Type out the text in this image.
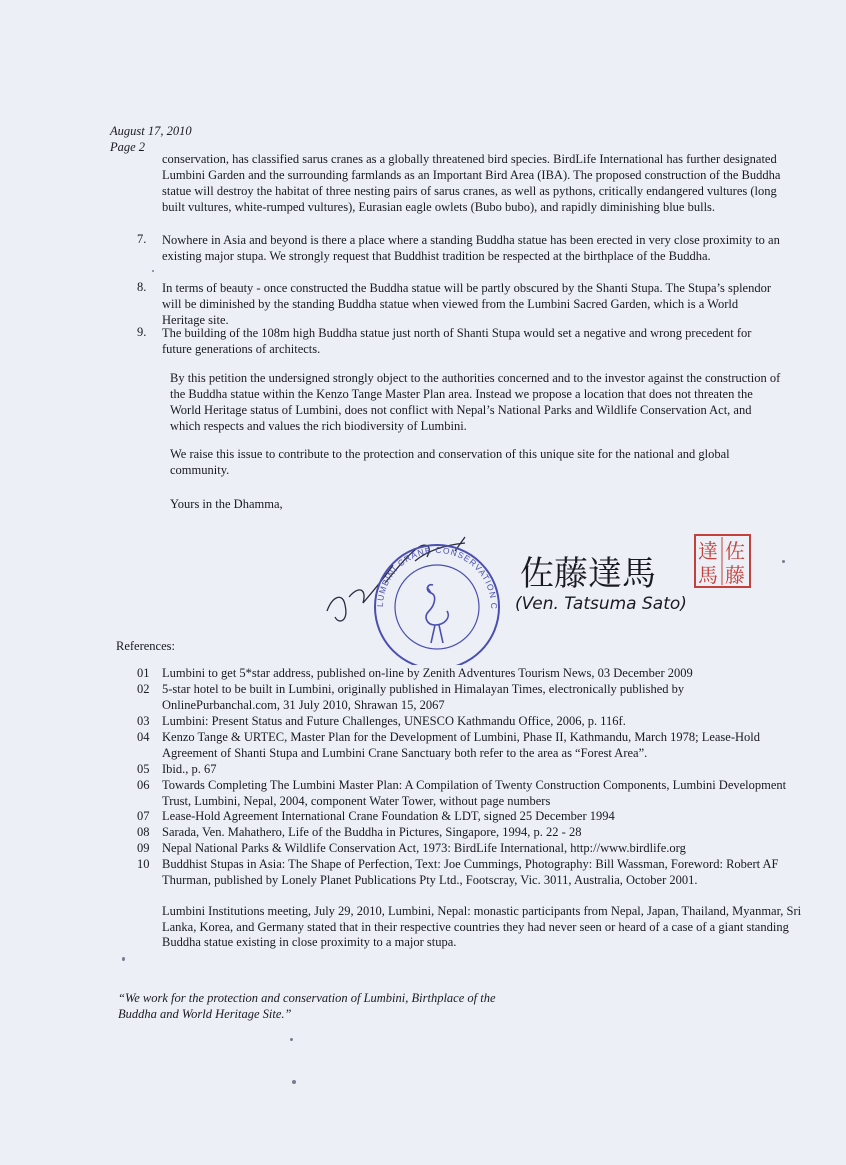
August 17, 2010
Page 2
conservation, has classified sarus cranes as a globally threatened bird species. BirdLife International has further designated Lumbini Garden and the surrounding farmlands as an Important Bird Area (IBA). The proposed construction of the Buddha statue will destroy the habitat of three nesting pairs of sarus cranes, as well as pythons, critically endangered vultures (long built vultures, white-rumped vultures), Eurasian eagle owlets (Bubo bubo), and rapidly diminishing blue bulls.
7. Nowhere in Asia and beyond is there a place where a standing Buddha statue has been erected in very close proximity to an existing major stupa. We strongly request that Buddhist tradition be respected at the birthplace of the Buddha.
8. In terms of beauty - once constructed the Buddha statue will be partly obscured by the Shanti Stupa. The Stupa’s splendor will be diminished by the standing Buddha statue when viewed from the Lumbini Sacred Garden, which is a World Heritage site.
9. The building of the 108m high Buddha statue just north of Shanti Stupa would set a negative and wrong precedent for future generations of architects.
By this petition the undersigned strongly object to the authorities concerned and to the investor against the construction of the Buddha statue within the Kenzo Tange Master Plan area. Instead we propose a location that does not threaten the World Heritage status of Lumbini, does not conflict with Nepal’s National Parks and Wildlife Conservation Act, and which respects and values the rich biodiversity of Lumbini.
We raise this issue to contribute to the protection and conservation of this unique site for the national and global community.
Yours in the Dhamma,
LUMBINI CRANE CONSERVATION C
佐藤達馬
(Ven. Tatsuma Sato)
達 佐
馬 藤
References:
01 Lumbini to get 5*star address, published on-line by Zenith Adventures Tourism News, 03 December 2009
02 5-star hotel to be built in Lumbini, originally published in Himalayan Times, electronically published by OnlinePurbanchal.com, 31 July 2010, Shrawan 15, 2067
03 Lumbini: Present Status and Future Challenges, UNESCO Kathmandu Office, 2006, p. 116f.
04 Kenzo Tange & URTEC, Master Plan for the Development of Lumbini, Phase II, Kathmandu, March 1978; Lease-Hold Agreement of Shanti Stupa and Lumbini Crane Sanctuary both refer to the area as “Forest Area”.
05 Ibid., p. 67
06 Towards Completing The Lumbini Master Plan: A Compilation of Twenty Construction Components, Lumbini Development Trust, Lumbini, Nepal, 2004, component Water Tower, without page numbers
07 Lease-Hold Agreement International Crane Foundation & LDT, signed 25 December 1994
08 Sarada, Ven. Mahathero, Life of the Buddha in Pictures, Singapore, 1994, p. 22 - 28
09 Nepal National Parks & Wildlife Conservation Act, 1973: BirdLife International, http://www.birdlife.org
10 Buddhist Stupas in Asia: The Shape of Perfection, Text: Joe Cummings, Photography: Bill Wassman, Foreword: Robert AF Thurman, published by Lonely Planet Publications Pty Ltd., Footscray, Vic. 3011, Australia, October 2001.
Lumbini Institutions meeting, July 29, 2010, Lumbini, Nepal: monastic participants from Nepal, Japan, Thailand, Myanmar, Sri Lanka, Korea, and Germany stated that in their respective countries they had never seen or heard of a case of a giant standing Buddha statue existing in close proximity to a major stupa.
“We work for the protection and conservation of Lumbini, Birthplace of the Buddha and World Heritage Site.”
